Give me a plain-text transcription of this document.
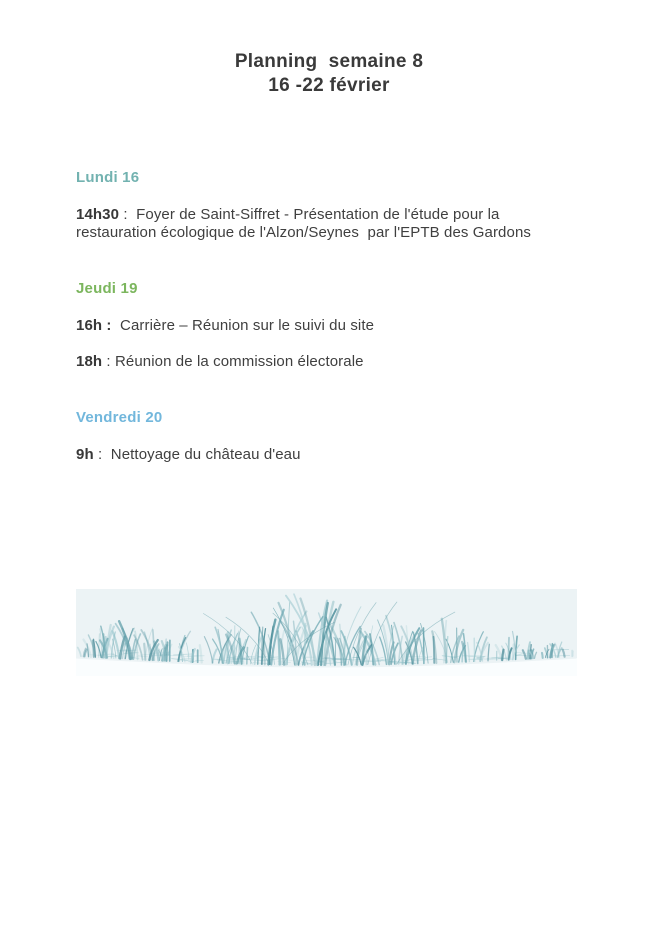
Planning  semaine 8
16 -22 février
Lundi 16

14h30 :  Foyer de Saint-Siffret - Présentation de l'étude pour la restauration écologique de l'Alzon/Seynes  par l'EPTB des Gardons

Jeudi 19

16h :  Carrière – Réunion sur le suivi du site

18h : Réunion de la commission électorale

Vendredi 20

9h :  Nettoyage du château d'eau
